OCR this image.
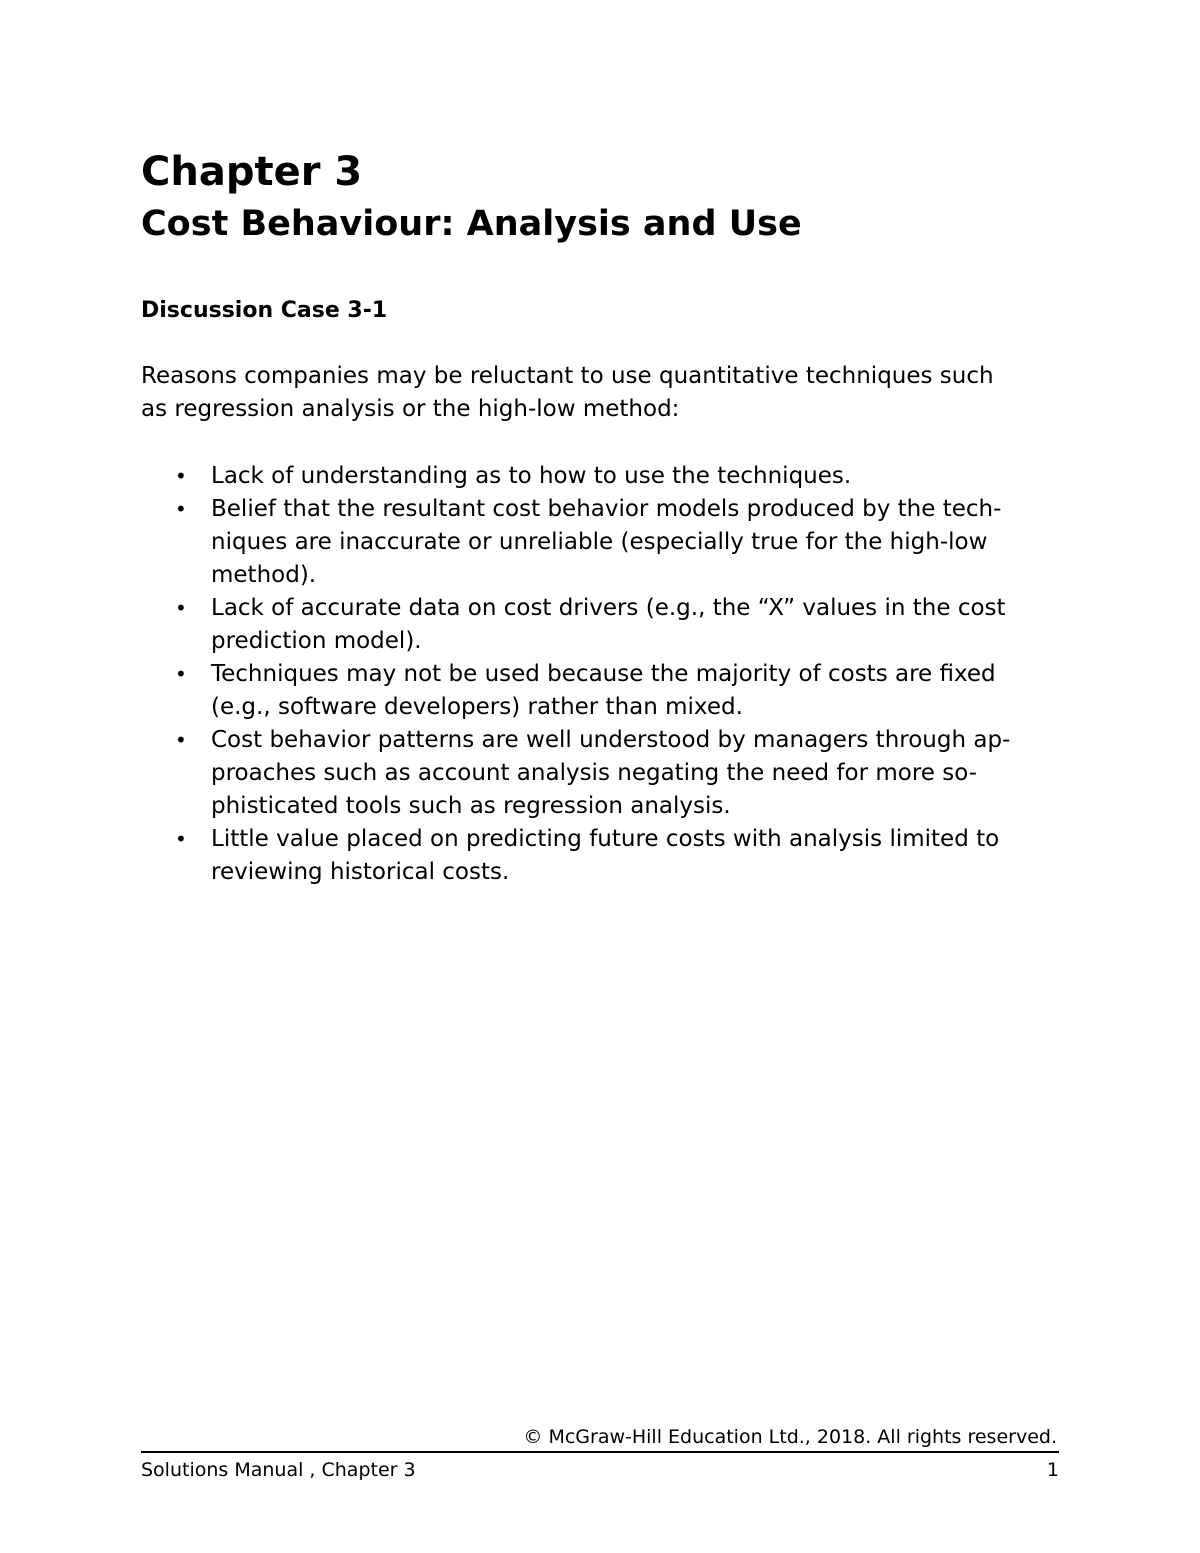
Chapter 3
Cost Behaviour: Analysis and Use
Discussion Case 3-1

Reasons companies may be reluctant to use quantitative techniques such
as regression analysis or the high-low method:

• Lack of understanding as to how to use the techniques.
• Belief that the resultant cost behavior models produced by the tech-
niques are inaccurate or unreliable (especially true for the high-low
method).
• Lack of accurate data on cost drivers (e.g., the “X” values in the cost
prediction model).
• Techniques may not be used because the majority of costs are fixed
(e.g., software developers) rather than mixed.
• Cost behavior patterns are well understood by managers through ap-
proaches such as account analysis negating the need for more so-
phisticated tools such as regression analysis.
• Little value placed on predicting future costs with analysis limited to
reviewing historical costs.
© McGraw-Hill Education Ltd., 2018. All rights reserved.
Solutions Manual , Chapter 3	1
